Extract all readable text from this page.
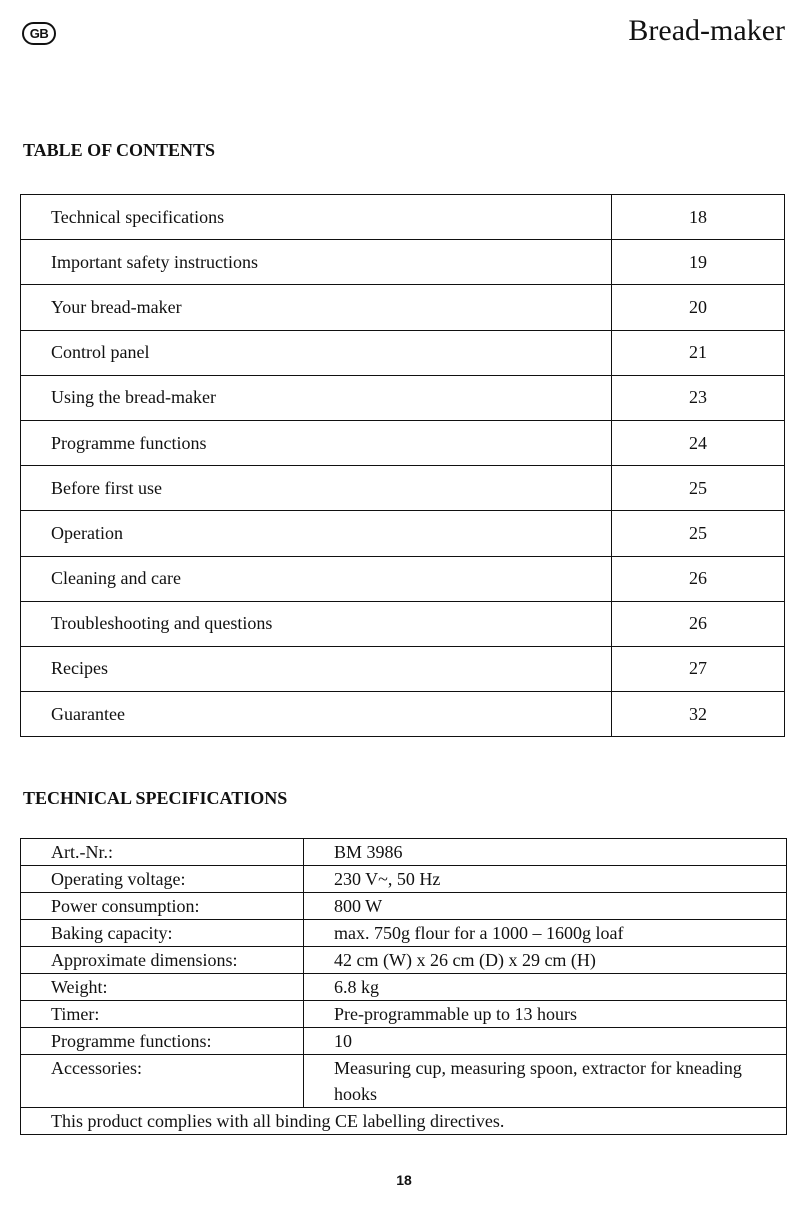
GB	Bread-maker
TABLE OF CONTENTS
Technical specifications	18
Important safety instructions	19
Your bread-maker	20
Control panel	21
Using the bread-maker	23
Programme functions	24
Before first use	25
Operation	25
Cleaning and care	26
Troubleshooting and questions	26
Recipes	27
Guarantee	32
TECHNICAL SPECIFICATIONS
Art.-Nr.:	BM 3986
Operating voltage:	230 V~, 50 Hz
Power consumption:	800 W
Baking capacity:	max. 750g flour for a 1000 – 1600g loaf
Approximate dimensions:	42 cm (W) x 26 cm (D) x 29 cm (H)
Weight:	6.8 kg
Timer:	Pre-programmable up to 13 hours
Programme functions:	10
Accessories:	Measuring cup, measuring spoon, extractor for kneading hooks
This product complies with all binding CE labelling directives.	
18
